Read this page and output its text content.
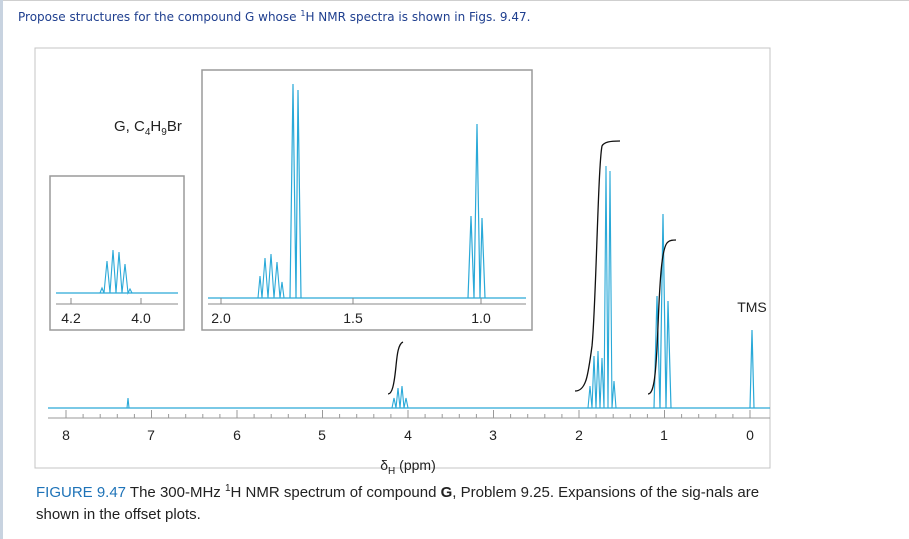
Propose structures for the compound G whose $^1$H NMR spectra is shown in Figs. 9.47.
G, $C_4H_9Br$
4.2	4.0	2.0	1.5	1.0
TMS
8	7	6	5	4	3	2	1	0
$\delta_H$ (ppm)
FIGURE 9.47 The 300-MHz $^1$H NMR spectrum of compound G, Problem 9.25. Expansions of the sig-nals are shown in the offset plots.
